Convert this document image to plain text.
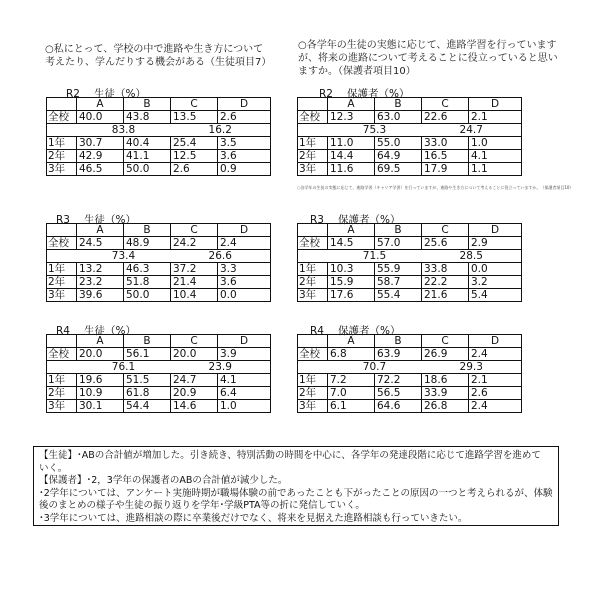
○私にとって、学校の中で進路や生き方について
考えたり、学んだりする機会がある（生徒項目7）
○各学年の生徒の実態に応じて、進路学習を行っていますが、将来の進路について考えることに役立っていると思いますか。（保護者項目10）
R2 生徒（%）	R2 保護者（%）
R3 生徒（%）	R3 保護者（%）
R4 生徒（%）	R4 保護者（%）
	A	B	C	D
全校	40.0	43.8	13.5	2.6
	83.8		16.2	
1年	30.7	40.4	25.4	3.5
2年	42.9	41.1	12.5	3.6
3年	46.5	50.0	2.6	0.9
	A	B	C	D
全校	12.3	63.0	22.6	2.1
	75.3		24.7	
1年	11.0	55.0	33.0	1.0
2年	14.4	64.9	16.5	4.1
3年	11.6	69.5	17.9	1.1
	A	B	C	D
全校	24.5	48.9	24.2	2.4
	73.4		26.6	
1年	13.2	46.3	37.2	3.3
2年	23.2	51.8	21.4	3.6
3年	39.6	50.0	10.4	0.0
	A	B	C	D
全校	14.5	57.0	25.6	2.9
	71.5		28.5	
1年	10.3	55.9	33.8	0.0
2年	15.9	58.7	22.2	3.2
3年	17.6	55.4	21.6	5.4
	A	B	C	D
全校	20.0	56.1	20.0	3.9
	76.1		23.9	
1年	19.6	51.5	24.7	4.1
2年	10.9	61.8	20.9	6.4
3年	30.1	54.4	14.6	1.0
	A	B	C	D
全校	6.8	63.9	26.9	2.4
	70.7		29.3	
1年	7.2	72.2	18.6	2.1
2年	7.0	56.5	33.9	2.6
3年	6.1	64.6	26.8	2.4
○各学年の生徒の実態に応じて、進路学習（キャリア学習）を行っていますが、進路や生き方について考えることに役立っていますか。（保護者項目10）

【生徒】･ABの合計値が増加した。引き続き、特別活動の時間を中心に、各学年の発達段階に応じて進路学習を進めて

いく。

【保護者】･2，3学年の保護者のABの合計値が減少した。

･2学年については、アンケート実施時期が職場体験の前であったことも下がったことの原因の一つと考えられるが、体験

後のまとめの様子や生徒の振り返りを学年･学級PTA等の折に発信していく。

･3学年については、進路相談の際に卒業後だけでなく、将来を見据えた進路相談も行っていきたい。
